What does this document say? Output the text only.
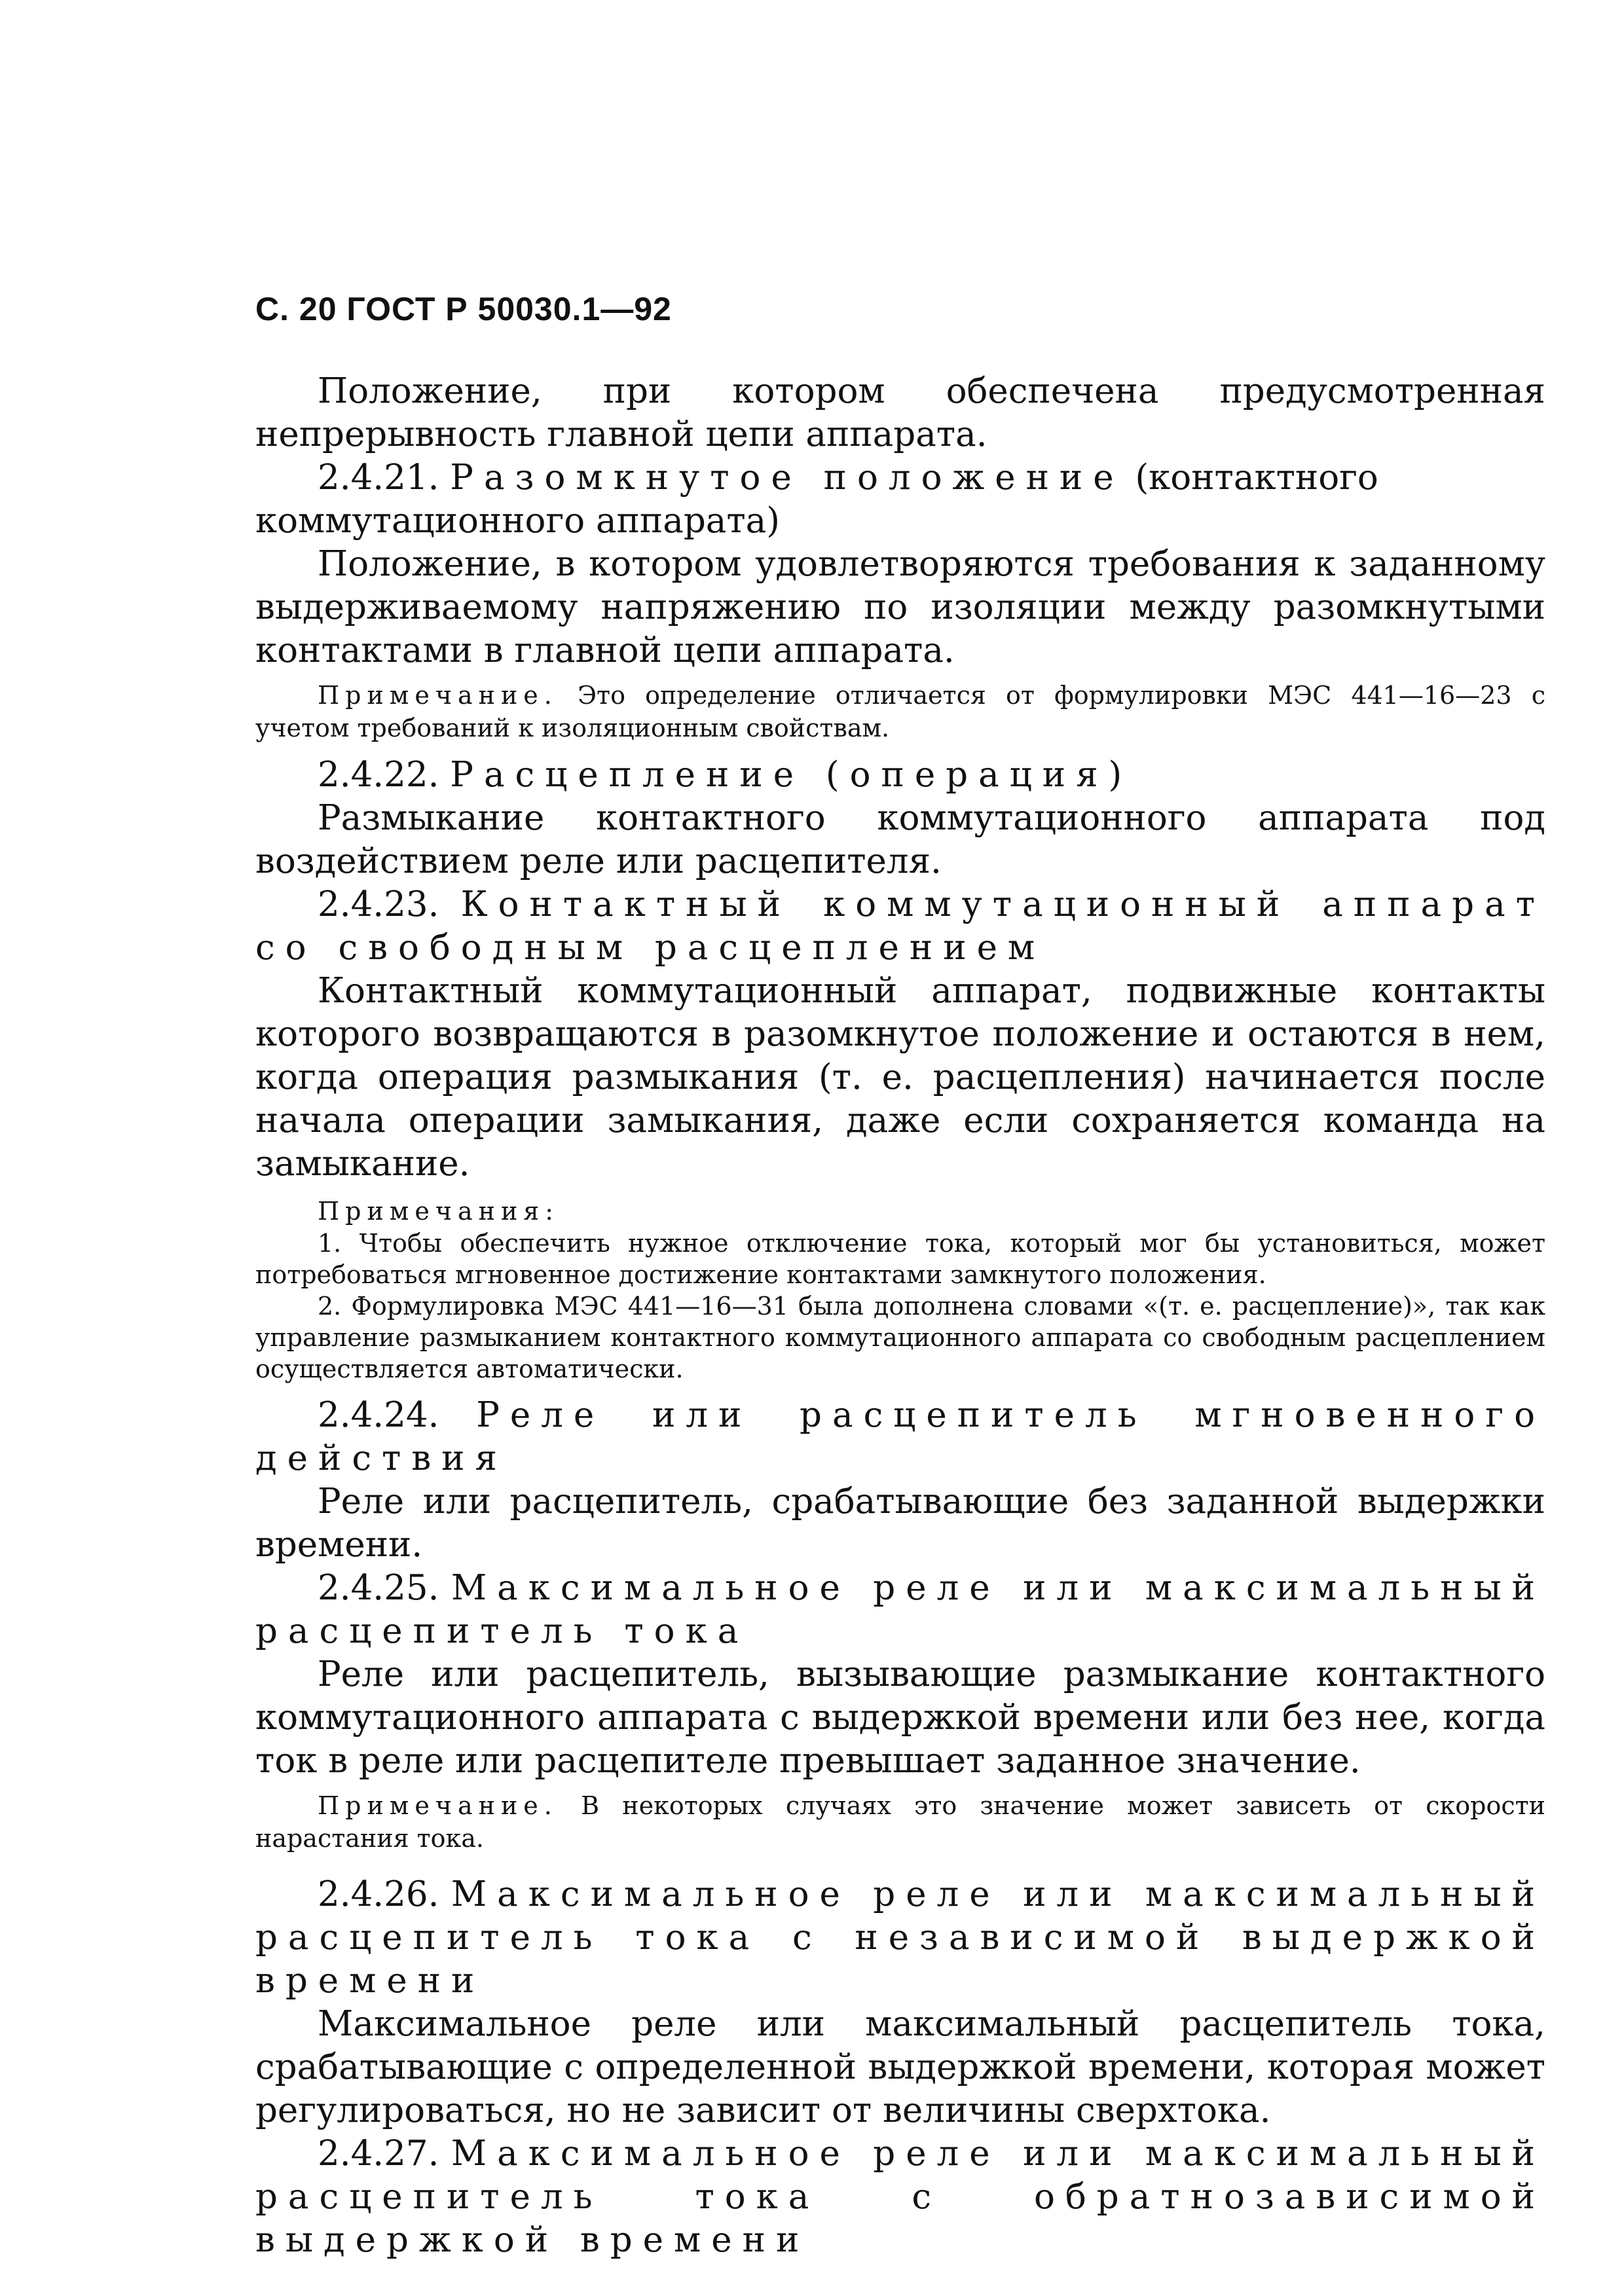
С. 20 ГОСТ Р 50030.1—92

Положение, при котором обеспечена предусмотренная непрерывность главной цепи аппарата.

2.4.21. Разомкнутое положение (контактного коммутационного аппарата)

Положение, в котором удовлетворяются требования к заданному выдерживаемому напряжению по изоляции между разомкнутыми контактами в главной цепи аппарата.

Примечание. Это определение отличается от формулировки МЭС 441—16—23 с учетом требований к изоляционным свойствам.

2.4.22. Расцепление (операция)

Размыкание контактного коммутационного аппарата под воздействием реле или расцепителя.

2.4.23. Контактный коммутационный аппарат со свободным расцеплением

Контактный коммутационный аппарат, подвижные контакты которого возвращаются в разомкнутое положение и остаются в нем, когда операция размыкания (т. е. расцепления) начинается после начала операции замыкания, даже если сохраняется команда на замыкание.

Примечания:

1. Чтобы обеспечить нужное отключение тока, который мог бы установиться, может потребоваться мгновенное достижение контактами замкнутого положения.

2. Формулировка МЭС 441—16—31 была дополнена словами «(т. е. расцепление)», так как управление размыканием контактного коммутационного аппарата со свободным расцеплением осуществляется автоматически.

2.4.24. Реле или расцепитель мгновенного действия

Реле или расцепитель, срабатывающие без заданной выдержки времени.

2.4.25. Максимальное реле или максимальный расцепитель тока

Реле или расцепитель, вызывающие размыкание контактного коммутационного аппарата с выдержкой времени или без нее, когда ток в реле или расцепителе превышает заданное значение.

Примечание. В некоторых случаях это значение может зависеть от скорости нарастания тока.

2.4.26. Максимальное реле или максимальный расцепитель тока с независимой выдержкой времени

Максимальное реле или максимальный расцепитель тока, срабатывающие с определенной выдержкой времени, которая может регулироваться, но не зависит от величины сверхтока.

2.4.27. Максимальное реле или максимальный расцепитель тока с обратнозависимой выдержкой времени
